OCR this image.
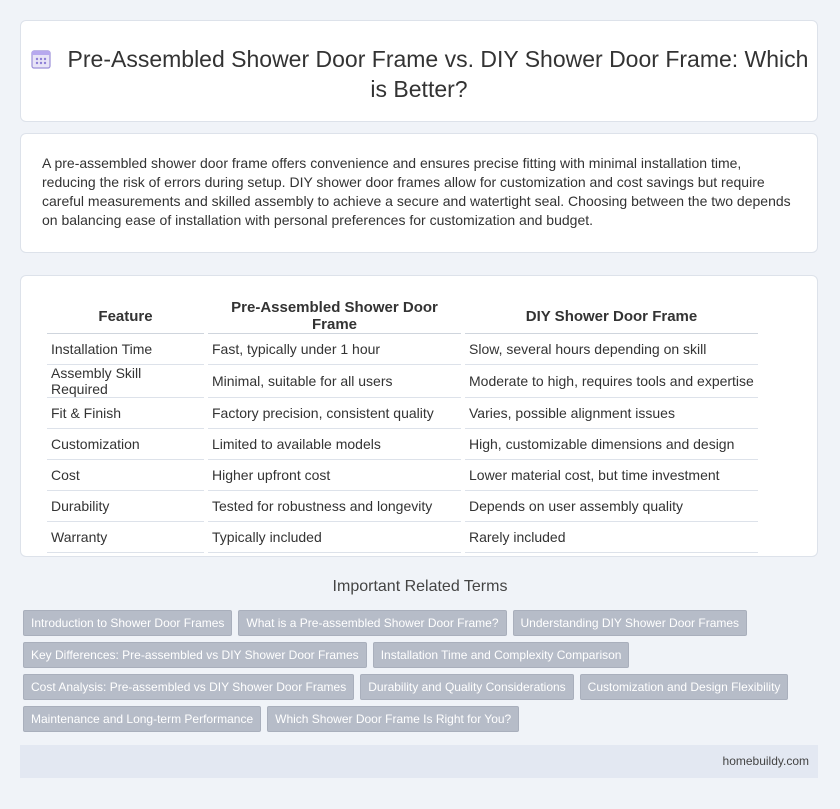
Pre-Assembled Shower Door Frame vs. DIY Shower Door Frame: Which is Better?
A pre-assembled shower door frame offers convenience and ensures precise fitting with minimal installation time, reducing the risk of errors during setup. DIY shower door frames allow for customization and cost savings but require careful measurements and skilled assembly to achieve a secure and watertight seal. Choosing between the two depends on balancing ease of installation with personal preferences for customization and budget.
Feature	Pre-Assembled Shower Door Frame	DIY Shower Door Frame
Installation Time	Fast, typically under 1 hour	Slow, several hours depending on skill
Assembly Skill Required	Minimal, suitable for all users	Moderate to high, requires tools and expertise
Fit & Finish	Factory precision, consistent quality	Varies, possible alignment issues
Customization	Limited to available models	High, customizable dimensions and design
Cost	Higher upfront cost	Lower material cost, but time investment
Durability	Tested for robustness and longevity	Depends on user assembly quality
Warranty	Typically included	Rarely included
Important Related Terms
Introduction to Shower Door Frames What is a Pre-assembled Shower Door Frame? Understanding DIY Shower Door Frames
Key Differences: Pre-assembled vs DIY Shower Door Frames Installation Time and Complexity Comparison
Cost Analysis: Pre-assembled vs DIY Shower Door Frames Durability and Quality Considerations Customization and Design Flexibility
Maintenance and Long-term Performance Which Shower Door Frame Is Right for You?
homebuildy.com
